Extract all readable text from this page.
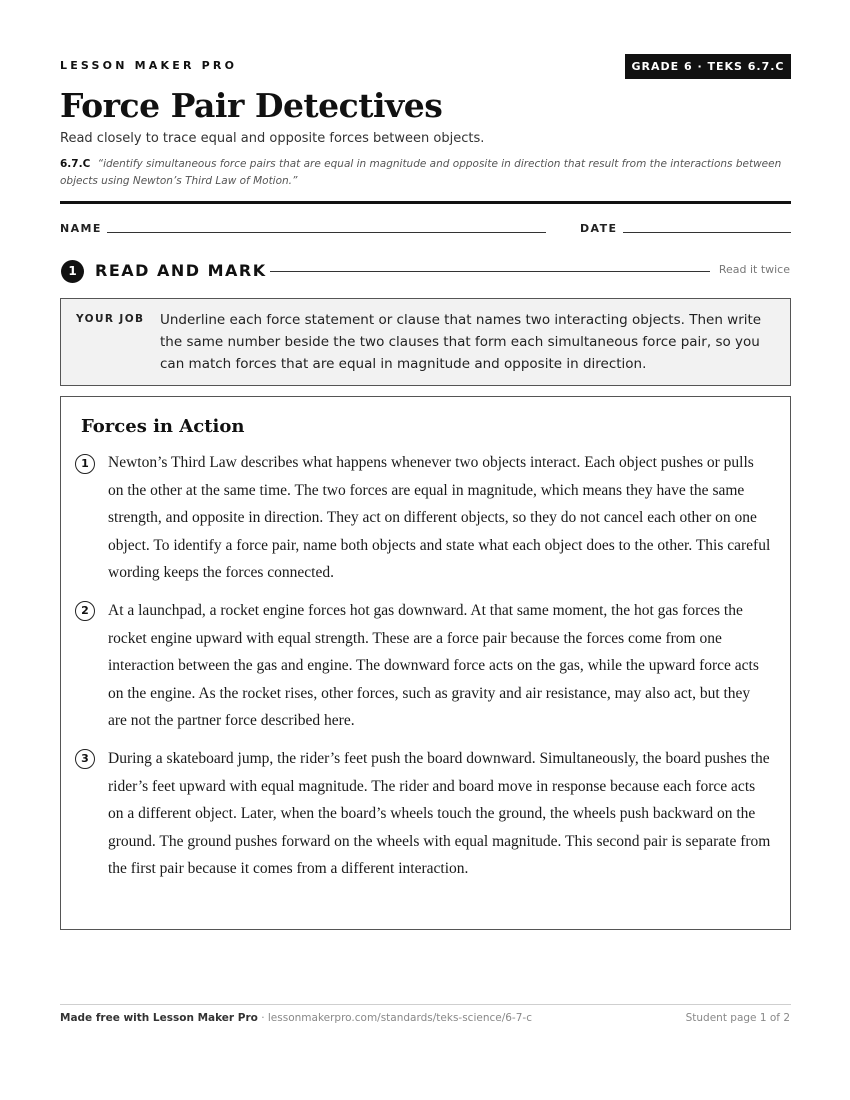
LESSON MAKER PRO	GRADE 6 · TEKS 6.7.C
Force Pair Detectives
Read closely to trace equal and opposite forces between objects.
6.7.C “identify simultaneous force pairs that are equal in magnitude and opposite in direction that result from the interactions between objects using Newton’s Third Law of Motion.”
NAME	DATE
1	READ AND MARK	Read it twice
YOUR JOB Underline each force statement or clause that names two interacting objects. Then write the same number beside the two clauses that form each simultaneous force pair, so you can match forces that are equal in magnitude and opposite in direction.
Forces in Action
1	Newton’s Third Law describes what happens whenever two objects interact. Each object pushes or pulls on the other at the same time. The two forces are equal in magnitude, which means they have the same strength, and opposite in direction. They act on different objects, so they do not cancel each other on one object. To identify a force pair, name both objects and state what each object does to the other. This careful wording keeps the forces connected.
2	At a launchpad, a rocket engine forces hot gas downward. At that same moment, the hot gas forces the rocket engine upward with equal strength. These are a force pair because the forces come from one interaction between the gas and engine. The downward force acts on the gas, while the upward force acts on the engine. As the rocket rises, other forces, such as gravity and air resistance, may also act, but they are not the partner force described here.
3	During a skateboard jump, the rider’s feet push the board downward. Simultaneously, the board pushes the rider’s feet upward with equal magnitude. The rider and board move in response because each force acts on a different object. Later, when the board’s wheels touch the ground, the wheels push backward on the ground. The ground pushes forward on the wheels with equal magnitude. This second pair is separate from the first pair because it comes from a different interaction.
Made free with Lesson Maker Pro · lessonmakerpro.com/standards/teks-science/6-7-c	Student page 1 of 2
